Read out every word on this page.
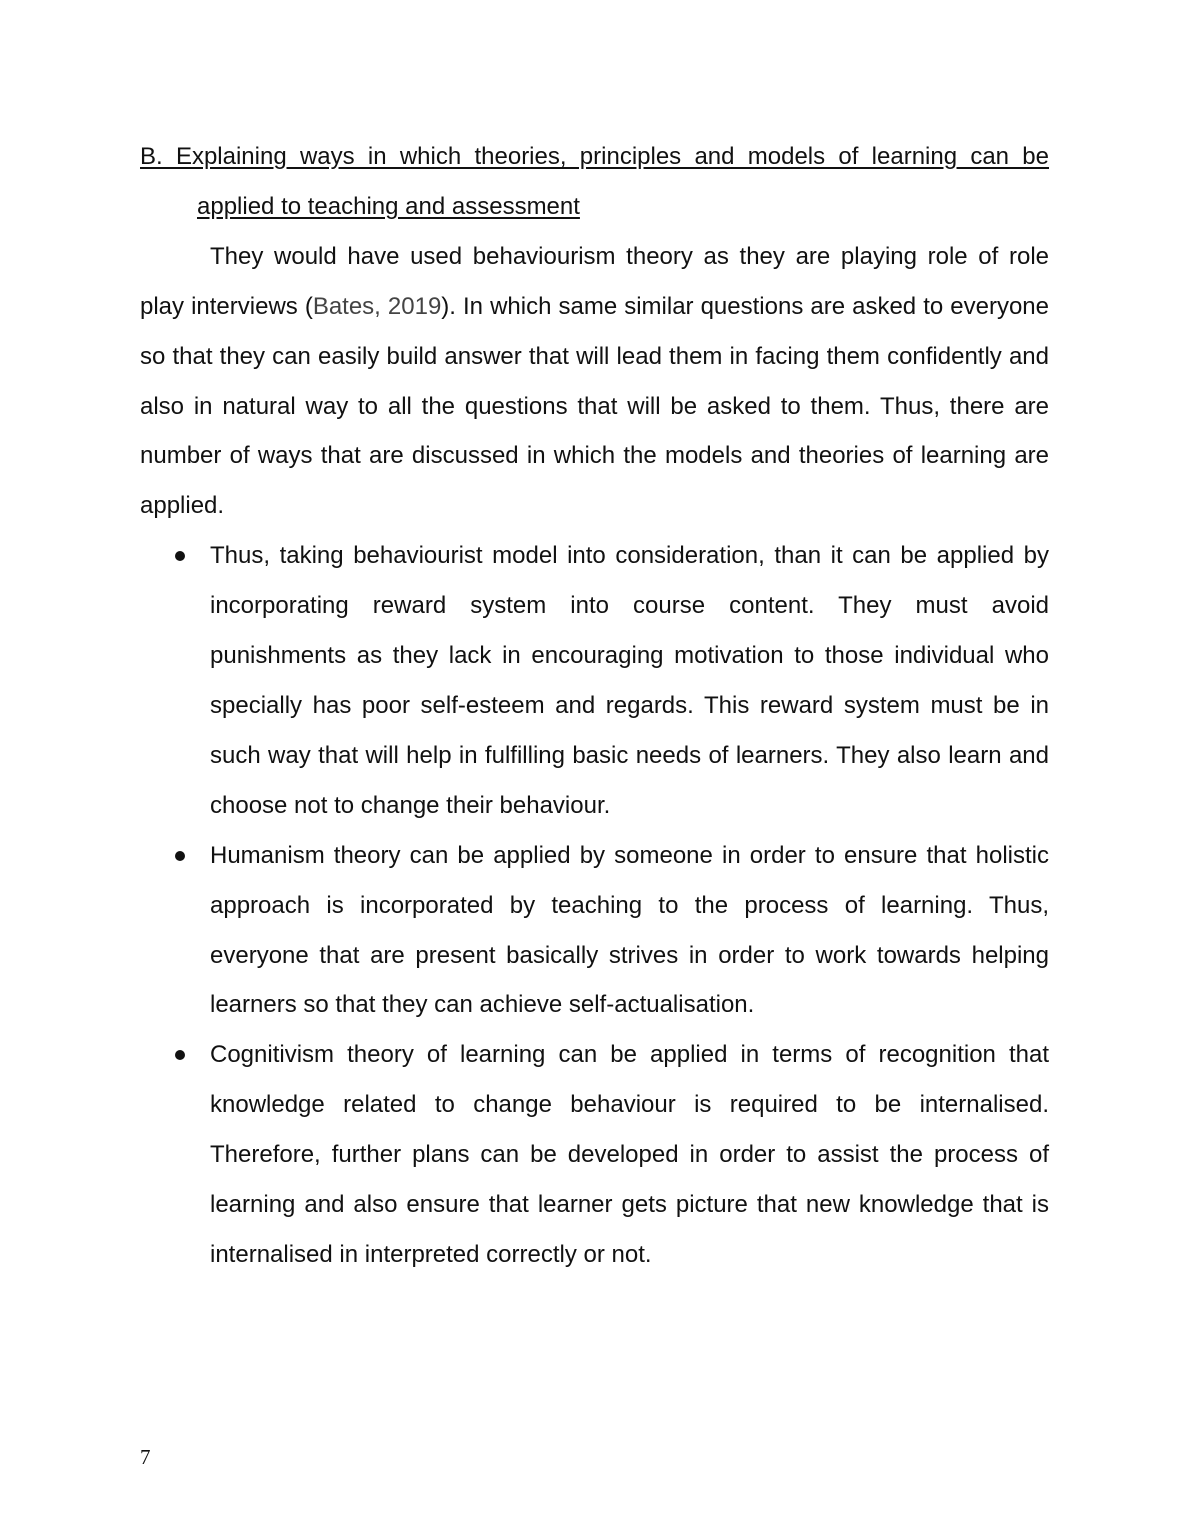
B. Explaining ways in which theories, principles and models of learning can be applied to teaching and assessment

They would have used behaviourism theory as they are playing role of role play interviews (Bates, 2019). In which same similar questions are asked to everyone so that they can easily build answer that will lead them in facing them confidently and also in natural way to all the questions that will be asked to them. Thus, there are number of ways that are discussed in which the models and theories of learning are applied.

Thus, taking behaviourist model into consideration, than it can be applied by incorporating reward system into course content. They must avoid punishments as they lack in encouraging motivation to those individual who specially has poor self-esteem and regards. This reward system must be in such way that will help in fulfilling basic needs of learners. They also learn and choose not to change their behaviour.
Humanism theory can be applied by someone in order to ensure that holistic approach is incorporated by teaching to the process of learning. Thus, everyone that are present basically strives in order to work towards helping learners so that they can achieve self-actualisation.
Cognitivism theory of learning can be applied in terms of recognition that knowledge related to change behaviour is required to be internalised. Therefore, further plans can be developed in order to assist the process of learning and also ensure that learner gets picture that new knowledge that is internalised in interpreted correctly or not.
7
